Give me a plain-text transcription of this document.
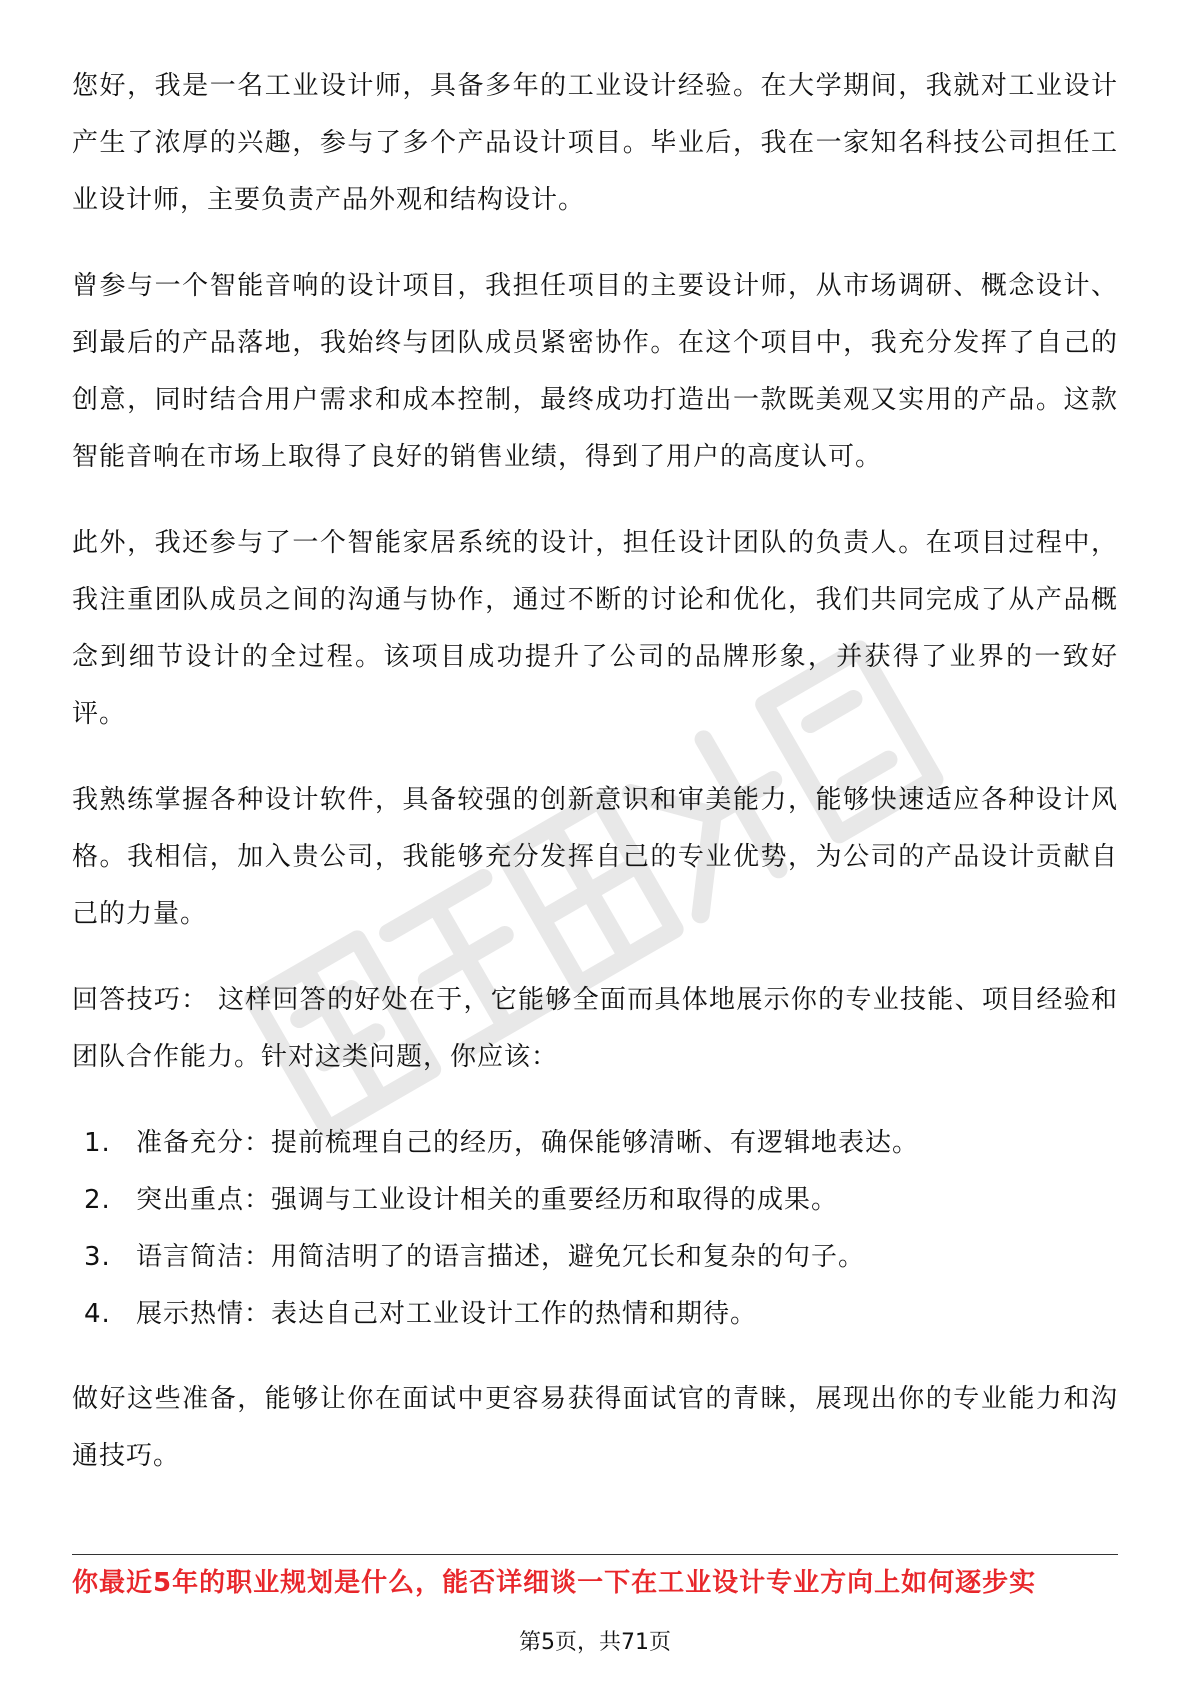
您好，我是一名工业设计师，具备多年的工业设计经验。在大学期间，我就对工业设计产生了浓厚的兴趣，参与了多个产品设计项目。毕业后，我在一家知名科技公司担任工业设计师，主要负责产品外观和结构设计。

曾参与一个智能音响的设计项目，我担任项目的主要设计师，从市场调研、概念设计、到最后的产品落地，我始终与团队成员紧密协作。在这个项目中，我充分发挥了自己的创意，同时结合用户需求和成本控制，最终成功打造出一款既美观又实用的产品。这款智能音响在市场上取得了良好的销售业绩，得到了用户的高度认可。

此外，我还参与了一个智能家居系统的设计，担任设计团队的负责人。在项目过程中，我注重团队成员之间的沟通与协作，通过不断的讨论和优化，我们共同完成了从产品概念到细节设计的全过程。该项目成功提升了公司的品牌形象，并获得了业界的一致好评。

我熟练掌握各种设计软件，具备较强的创新意识和审美能力，能够快速适应各种设计风格。我相信，加入贵公司，我能够充分发挥自己的专业优势，为公司的产品设计贡献自己的力量。

回答技巧： 这样回答的好处在于，它能够全面而具体地展示你的专业技能、项目经验和团队合作能力。针对这类问题，你应该：

1. 准备充分：提前梳理自己的经历，确保能够清晰、有逻辑地表达。
2. 突出重点：强调与工业设计相关的重要经历和取得的成果。
3. 语言简洁：用简洁明了的语言描述，避免冗长和复杂的句子。
4. 展示热情：表达自己对工业设计工作的热情和期待。

做好这些准备，能够让你在面试中更容易获得面试官的青睐，展现出你的专业能力和沟通技巧。

你最近5年的职业规划是什么，能否详细谈一下在工业设计专业方向上如何逐步实
第5页，共71页
